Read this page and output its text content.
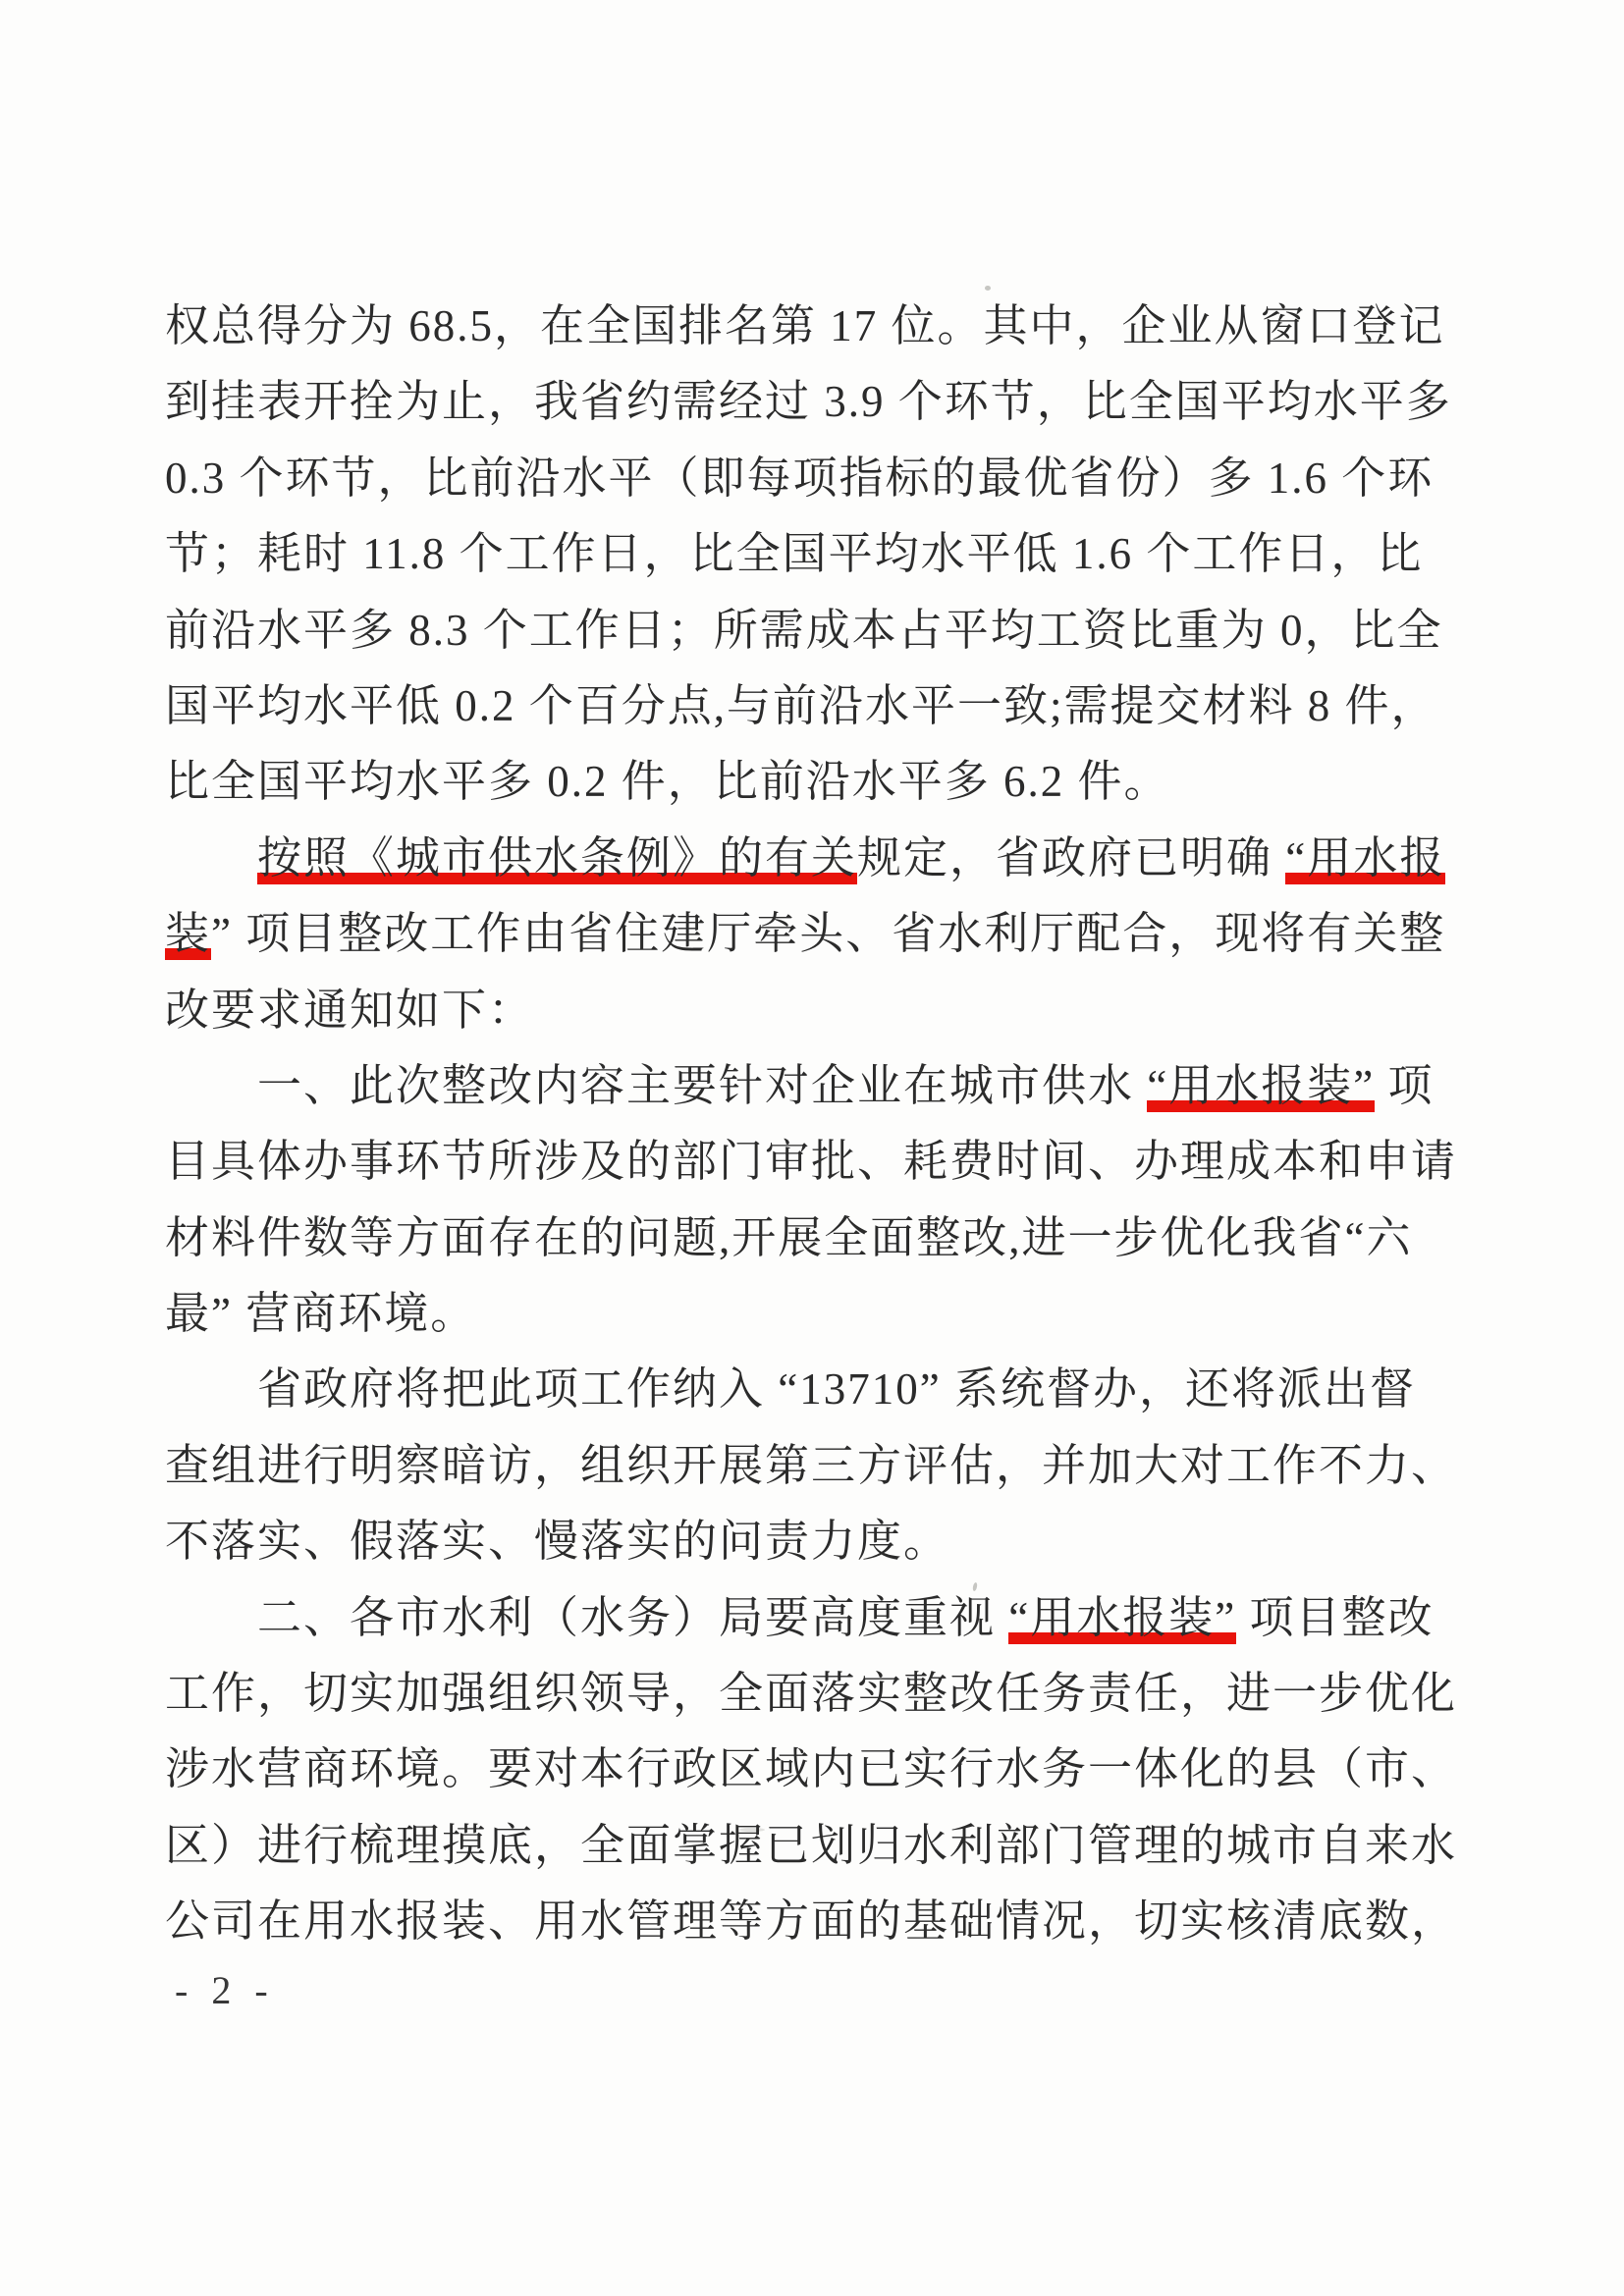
权总得分为 68.5，在全国排名第 17 位。其中，企业从窗口登记
到挂表开拴为止，我省约需经过 3.9 个环节，比全国平均水平多
0.3 个环节，比前沿水平（即每项指标的最优省份）多 1.6 个环
节；耗时 11.8 个工作日，比全国平均水平低 1.6 个工作日，比
前沿水平多 8.3 个工作日；所需成本占平均工资比重为 0，比全
国平均水平低 0.2 个百分点,与前沿水平一致;需提交材料 8 件，
比全国平均水平多 0.2 件，比前沿水平多 6.2 件。
按照《城市供水条例》的有关规定，省政府已明确 “用水报
装” 项目整改工作由省住建厅牵头、省水利厅配合，现将有关整
改要求通知如下：
一、此次整改内容主要针对企业在城市供水 “用水报装” 项
目具体办事环节所涉及的部门审批、耗费时间、办理成本和申请
材料件数等方面存在的问题,开展全面整改,进一步优化我省“六
最” 营商环境。
省政府将把此项工作纳入 “13710” 系统督办，还将派出督
查组进行明察暗访，组织开展第三方评估，并加大对工作不力、
不落实、假落实、慢落实的问责力度。
二、各市水利（水务）局要高度重视 “用水报装” 项目整改
工作，切实加强组织领导，全面落实整改任务责任，进一步优化
涉水营商环境。要对本行政区域内已实行水务一体化的县（市、
区）进行梳理摸底，全面掌握已划归水利部门管理的城市自来水
公司在用水报装、用水管理等方面的基础情况，切实核清底数，
- 2 -
